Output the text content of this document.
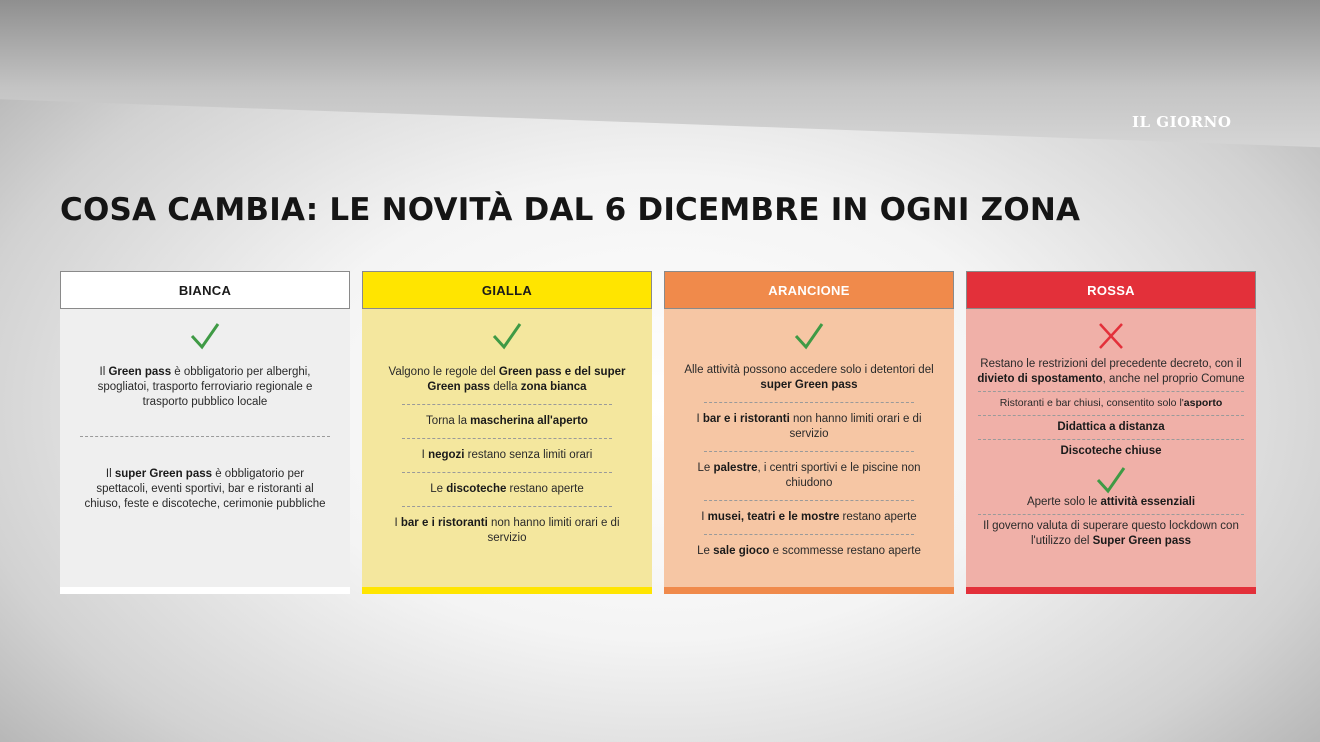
IL GIORNO
COSA CAMBIA: LE NOVITÀ DAL 6 DICEMBRE IN OGNI ZONA
BIANCA
Il Green pass è obbligatorio per alberghi, spogliatoi, trasporto ferroviario regionale e trasporto pubblico locale
Il super Green pass è obbligatorio per spettacoli, eventi sportivi, bar e ristoranti al chiuso, feste e discoteche, cerimonie pubbliche
GIALLA
Valgono le regole del Green pass e del super Green pass della zona bianca
Torna la mascherina all'aperto
I negozi restano senza limiti orari
Le discoteche restano aperte
I bar e i ristoranti non hanno limiti orari e di servizio
ARANCIONE
Alle attività possono accedere solo i detentori del super Green pass
I bar e i ristoranti non hanno limiti orari e di servizio
Le palestre, i centri sportivi e le piscine non chiudono
I musei, teatri e le mostre restano aperte
Le sale gioco e scommesse restano aperte
ROSSA
Restano le restrizioni del precedente decreto, con il divieto di spostamento, anche nel proprio Comune
Ristoranti e bar chiusi, consentito solo l'asporto
Didattica a distanza
Discoteche chiuse
Aperte solo le attività essenziali
Il governo valuta di superare questo lockdown con l'utilizzo del Super Green pass
